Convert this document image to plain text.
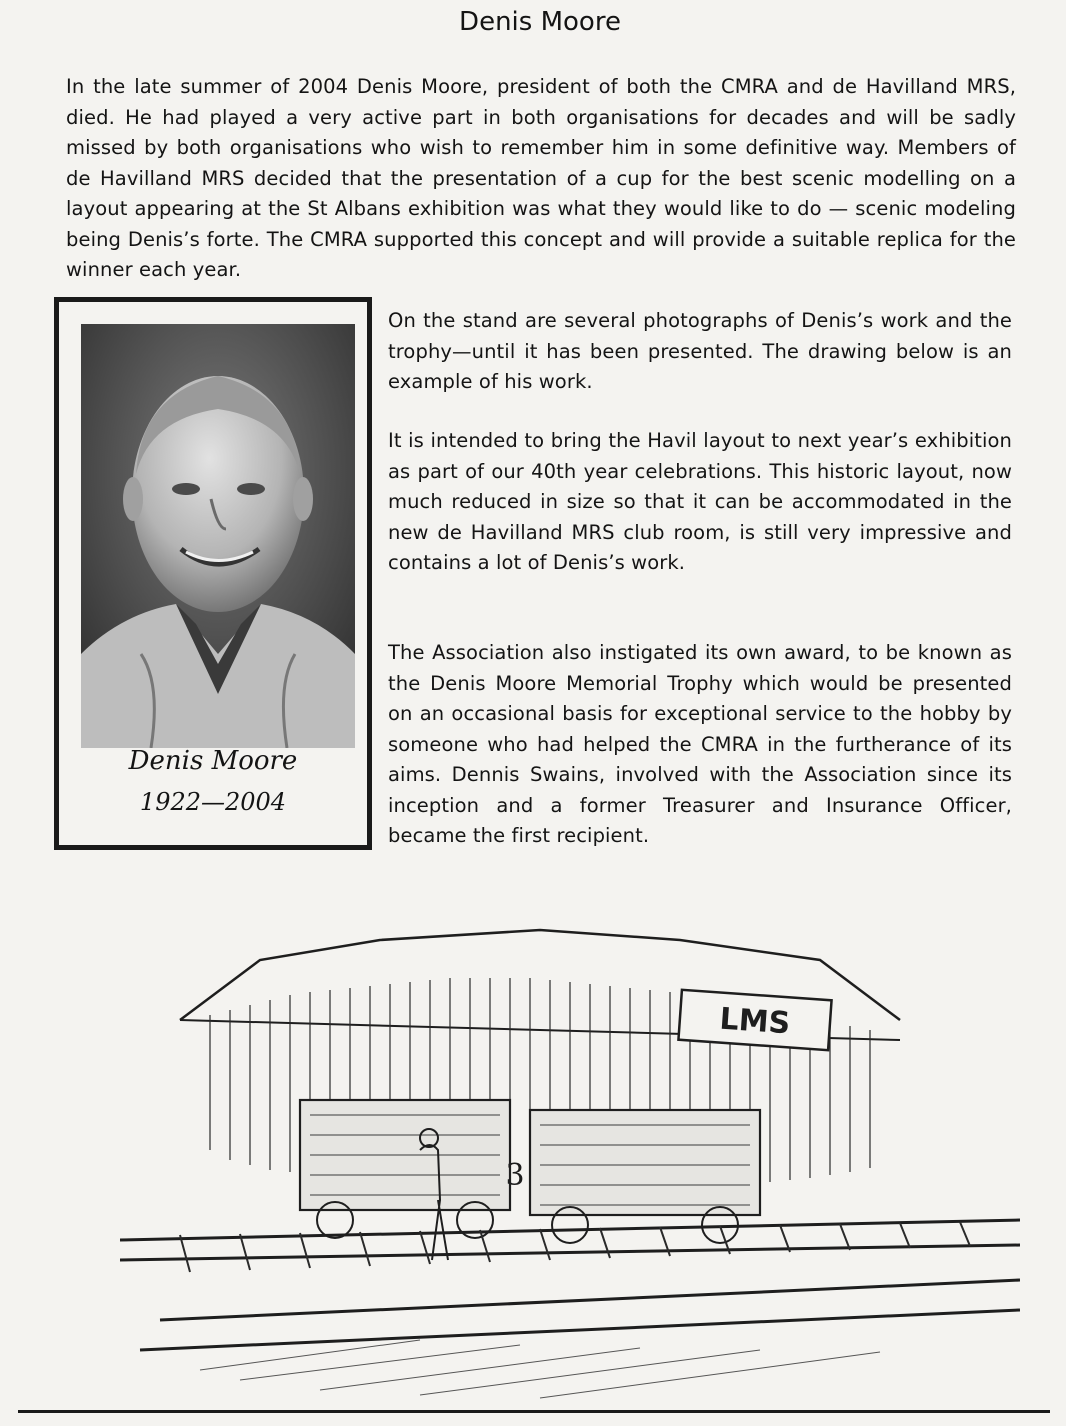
Denis Moore

In the late summer of 2004 Denis Moore, president of both the CMRA and de Havilland MRS, died. He had played a very active part in both organisations for decades and will be sadly missed by both organisations who wish to remember him in some definitive way. Members of de Havilland MRS decided that the presentation of a cup for the best scenic modelling on a layout appearing at the St Albans exhibition was what they would like to do — scenic modeling being Denis’s forte. The CMRA supported this concept and will provide a suitable replica for the winner each year.

Denis Moore
1922—2004

On the stand are several photographs of Denis’s work and the trophy—until it has been presented. The drawing below is an example of his work.

It is intended to bring the Havil layout to next year’s exhibition as part of our 40th year celebrations. This historic layout, now much reduced in size so that it can be accommodated in the new de Havilland MRS club room, is still very impressive and contains a lot of Denis’s work.

The Association also instigated its own award, to be known as the Denis Moore Memorial Trophy which would be presented on an occasional basis for exceptional service to the hobby by someone who had helped the CMRA in the furtherance of its aims. Dennis Swains, involved with the Association since its inception and a former Treasurer and Insurance Officer, became the first recipient.

LMS
3
